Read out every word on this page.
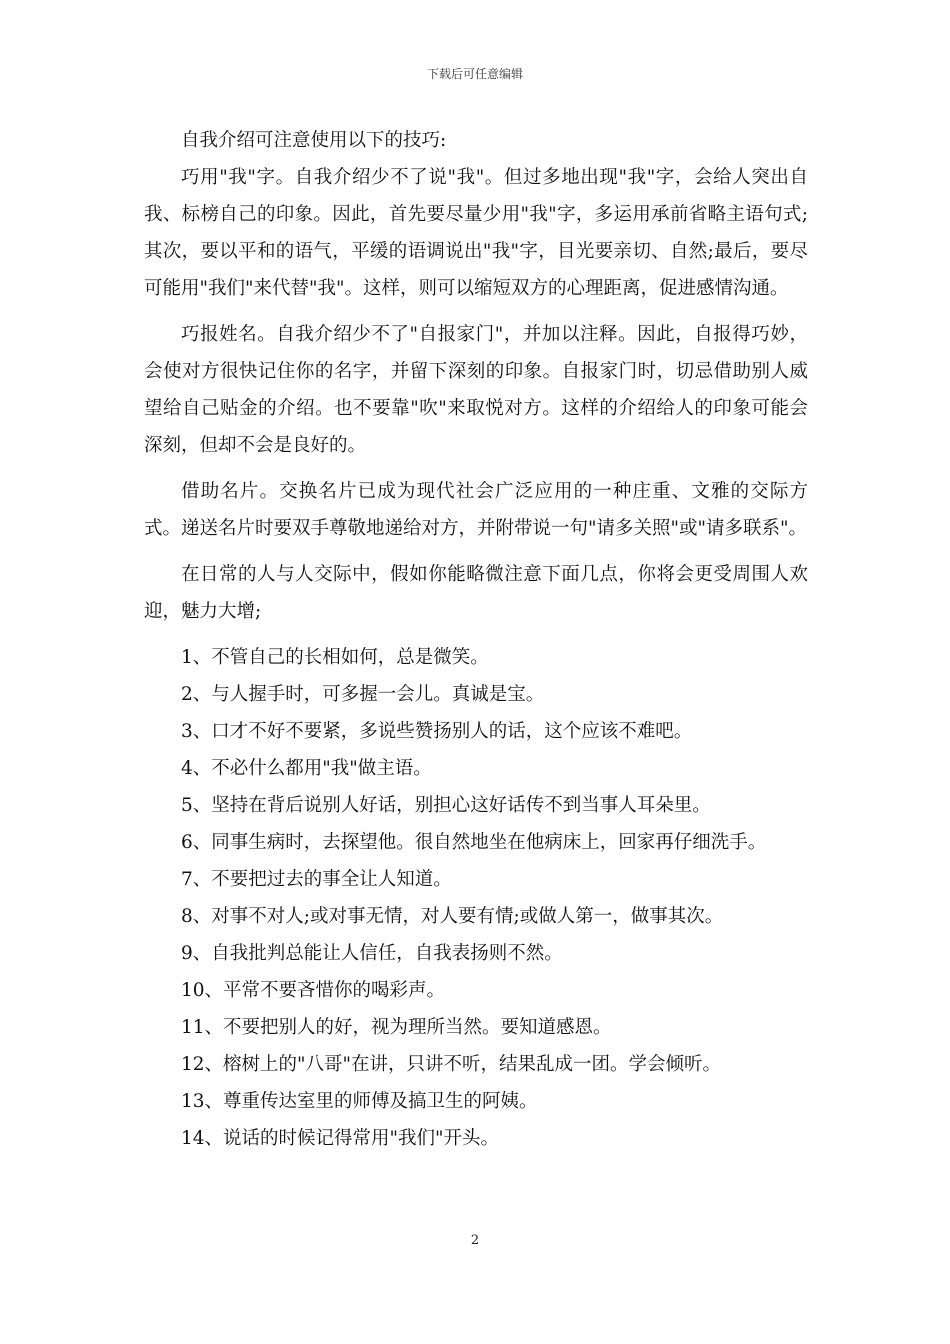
下载后可任意编辑

自我介绍可注意使用以下的技巧:

巧用"我"字。自我介绍少不了说"我"。但过多地出现"我"字，会给人突出自我、标榜自己的印象。因此，首先要尽量少用"我"字，多运用承前省略主语句式;其次，要以平和的语气，平缓的语调说出"我"字，目光要亲切、自然;最后，要尽可能用"我们"来代替"我"。这样，则可以缩短双方的心理距离，促进感情沟通。

巧报姓名。自我介绍少不了"自报家门"，并加以注释。因此，自报得巧妙，会使对方很快记住你的名字，并留下深刻的印象。自报家门时，切忌借助别人威望给自己贴金的介绍。也不要靠"吹"来取悦对方。这样的介绍给人的印象可能会深刻，但却不会是良好的。

借助名片。交换名片已成为现代社会广泛应用的一种庄重、文雅的交际方式。递送名片时要双手尊敬地递给对方，并附带说一句"请多关照"或"请多联系"。

在日常的人与人交际中，假如你能略微注意下面几点，你将会更受周围人欢迎，魅力大增;

1、不管自己的长相如何，总是微笑。

2、与人握手时，可多握一会儿。真诚是宝。

3、口才不好不要紧，多说些赞扬别人的话，这个应该不难吧。

4、不必什么都用"我"做主语。

5、坚持在背后说别人好话，别担心这好话传不到当事人耳朵里。

6、同事生病时，去探望他。很自然地坐在他病床上，回家再仔细洗手。

7、不要把过去的事全让人知道。

8、对事不对人;或对事无情，对人要有情;或做人第一，做事其次。

9、自我批判总能让人信任，自我表扬则不然。

10、平常不要吝惜你的喝彩声。

11、不要把别人的好，视为理所当然。要知道感恩。

12、榕树上的"八哥"在讲，只讲不听，结果乱成一团。学会倾听。

13、尊重传达室里的师傅及搞卫生的阿姨。

14、说话的时候记得常用"我们"开头。

2
